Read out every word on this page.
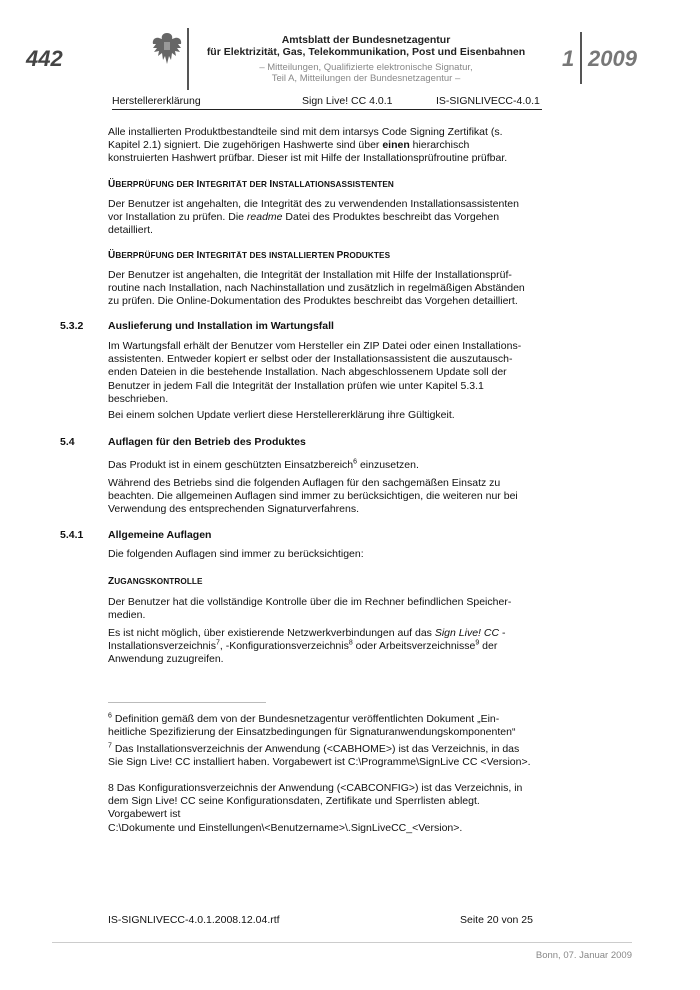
442
Amtsblatt der Bundesnetzagentur
für Elektrizität, Gas, Telekommunikation, Post und Eisenbahnen
– Mitteilungen, Qualifizierte elektronische Signatur,
Teil A, Mitteilungen der Bundesnetzagentur –
1 2009
Herstellererklärung	Sign Live! CC 4.0.1	IS-SIGNLIVECC-4.0.1
Alle installierten Produktbestandteile sind mit dem intarsys Code Signing Zertifikat (s.
Kapitel 2.1) signiert. Die zugehörigen Hashwerte sind über einen hierarchisch
konstruierten Hashwert prüfbar. Dieser ist mit Hilfe der Installationsprüfroutine prüfbar.
ÜBERPRÜFUNG DER INTEGRITÄT DER INSTALLATIONSASSISTENTEN
Der Benutzer ist angehalten, die Integrität des zu verwendenden Installationsassistenten
vor Installation zu prüfen. Die readme Datei des Produktes beschreibt das Vorgehen
detailliert.
ÜBERPRÜFUNG DER INTEGRITÄT DES INSTALLIERTEN PRODUKTES
Der Benutzer ist angehalten, die Integrität der Installation mit Hilfe der Installationsprüf-
routine nach Installation, nach Nachinstallation und zusätzlich in regelmäßigen Abständen
zu prüfen. Die Online-Dokumentation des Produktes beschreibt das Vorgehen detailliert.
5.3.2 Auslieferung und Installation im Wartungsfall
Im Wartungsfall erhält der Benutzer vom Hersteller ein ZIP Datei oder einen Installations-
assistenten. Entweder kopiert er selbst oder der Installationsassistent die auszutausch-
enden Dateien in die bestehende Installation. Nach abgeschlossenem Update soll der
Benutzer in jedem Fall die Integrität der Installation prüfen wie unter Kapitel 5.3.1
beschrieben.
Bei einem solchen Update verliert diese Herstellererklärung ihre Gültigkeit.
5.4	Auflagen für den Betrieb des Produktes
Das Produkt ist in einem geschützten Einsatzbereich$^6$ einzusetzen.
Während des Betriebs sind die folgenden Auflagen für den sachgemäßen Einsatz zu
beachten. Die allgemeinen Auflagen sind immer zu berücksichtigen, die weiteren nur bei
Verwendung des entsprechenden Signaturverfahrens.
5.4.1 Allgemeine Auflagen
Die folgenden Auflagen sind immer zu berücksichtigen:
ZUGANGSKONTROLLE
Der Benutzer hat die vollständige Kontrolle über die im Rechner befindlichen Speicher-
medien.
Es ist nicht möglich, über existierende Netzwerkverbindungen auf das Sign Live! CC -
Installationsverzeichnis$^7$, -Konfigurationsverzeichnis$^8$ oder Arbeitsverzeichnisse$^9$ der
Anwendung zuzugreifen.
$^6$ Definition gemäß dem von der Bundesnetzagentur veröffentlichten Dokument „Ein-
heitliche Spezifizierung der Einsatzbedingungen für Signaturanwendungskomponenten“
$^7$ Das Installationsverzeichnis der Anwendung (<CABHOME>) ist das Verzeichnis, in das
Sie Sign Live! CC installiert haben. Vorgabewert ist C:\Programme\SignLive CC <Version>.
8 Das Konfigurationsverzeichnis der Anwendung (<CABCONFIG>) ist das Verzeichnis, in
dem Sign Live! CC seine Konfigurationsdaten, Zertifikate und Sperrlisten ablegt.
Vorgabewert ist
C:\Dokumente und Einstellungen\<Benutzername>\.SignLiveCC_<Version>.
IS-SIGNLIVECC-4.0.1.2008.12.04.rtf	Seite 20 von 25
Bonn, 07. Januar 2009
